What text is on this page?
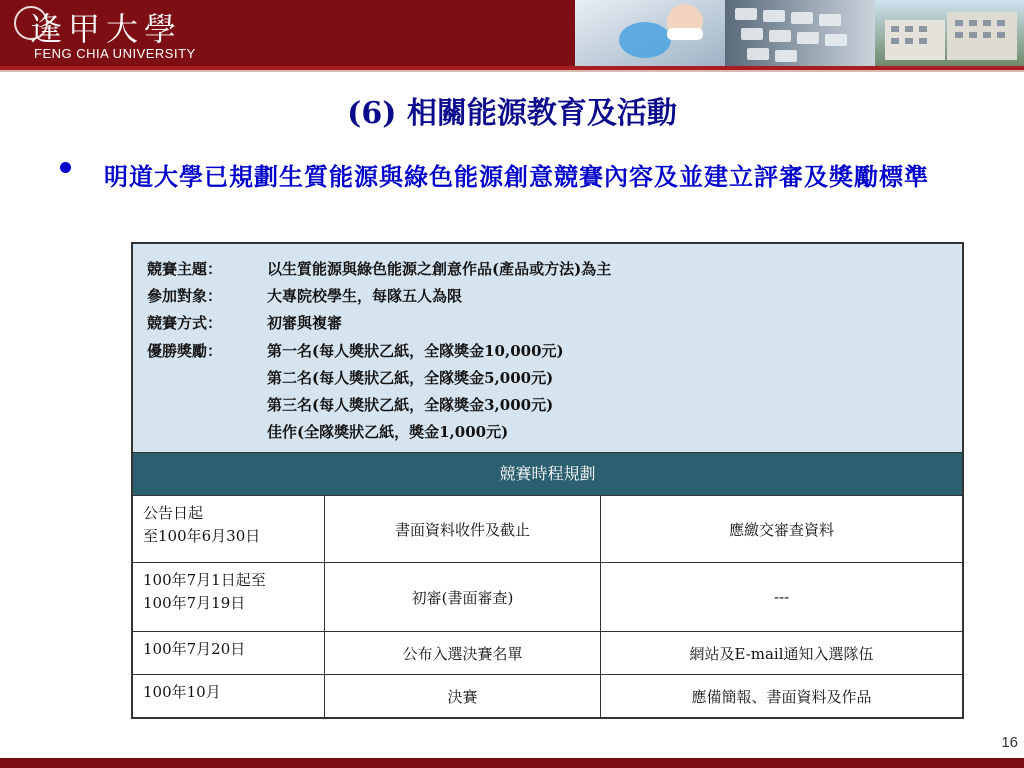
逢甲大學
FENG CHIA UNIVERSITY
(6) 相關能源教育及活動
明道大學已規劃生質能源與綠色能源創意競賽內容及並建立評審及獎勵標準
競賽主題：	以生質能源與綠色能源之創意作品(產品或方法)為主
參加對象：	大專院校學生，每隊五人為限
競賽方式：	初審與複審
優勝獎勵：	第一名(每人獎狀乙紙，全隊獎金10,000元)
第二名(每人獎狀乙紙，全隊獎金5,000元)
第三名(每人獎狀乙紙，全隊獎金3,000元)
佳作(全隊獎狀乙紙，獎金1,000元)
競賽時程規劃
公告日起
至100年6月30日	書面資料收件及截止	應繳交審查資料
100年7月1日起至
100年7月19日	初審(書面審查)	---
100年7月20日	公布入選決賽名單	網站及E-mail通知入選隊伍
100年10月	決賽	應備簡報、書面資料及作品
16
